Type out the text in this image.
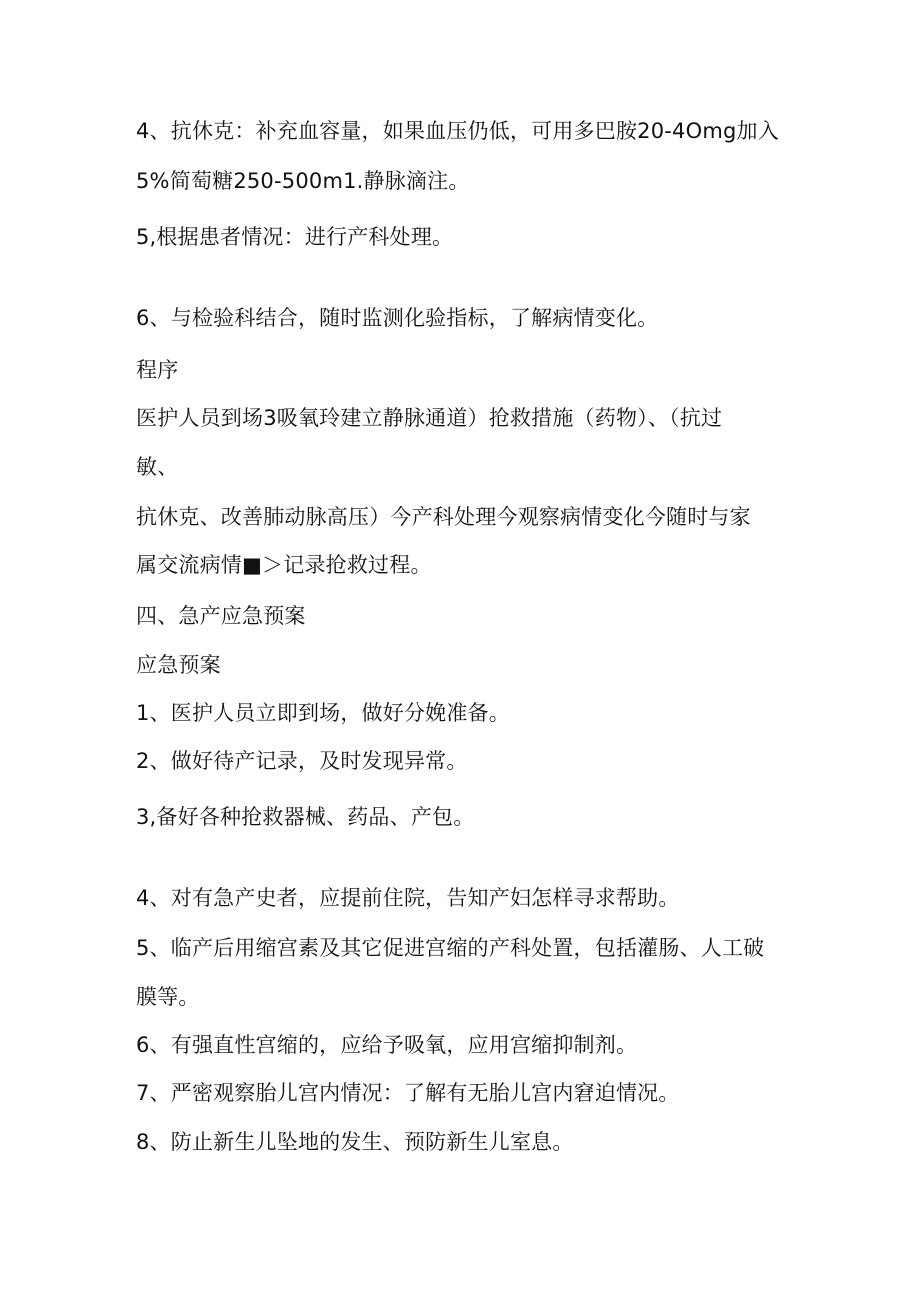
4、抗休克：补充血容量，如果血压仍低，可用多巴胺20-4Omg加入
5%简萄糖250-500m1.静脉滴注。
5,根据患者情况：进行产科处理。
6、与检验科结合，随时监测化验指标，了解病情变化。
程序
医护人员到场3吸氧玲建立静脉通道）抢救措施（药物）、（抗过
敏、
抗休克、改善肺动脉高压）今产科处理今观察病情变化今随时与家
属交流病情■＞记录抢救过程。
四、急产应急预案
应急预案
1、医护人员立即到场，做好分娩准备。
2、做好待产记录，及时发现异常。
3,备好各种抢救器械、药品、产包。
4、对有急产史者，应提前住院，告知产妇怎样寻求帮助。
5、临产后用缩宫素及其它促进宫缩的产科处置，包括灌肠、人工破
膜等。
6、有强直性宫缩的，应给予吸氧，应用宫缩抑制剂。
7、严密观察胎儿宫内情况：了解有无胎儿宫内窘迫情况。
8、防止新生儿坠地的发生、预防新生儿室息。
